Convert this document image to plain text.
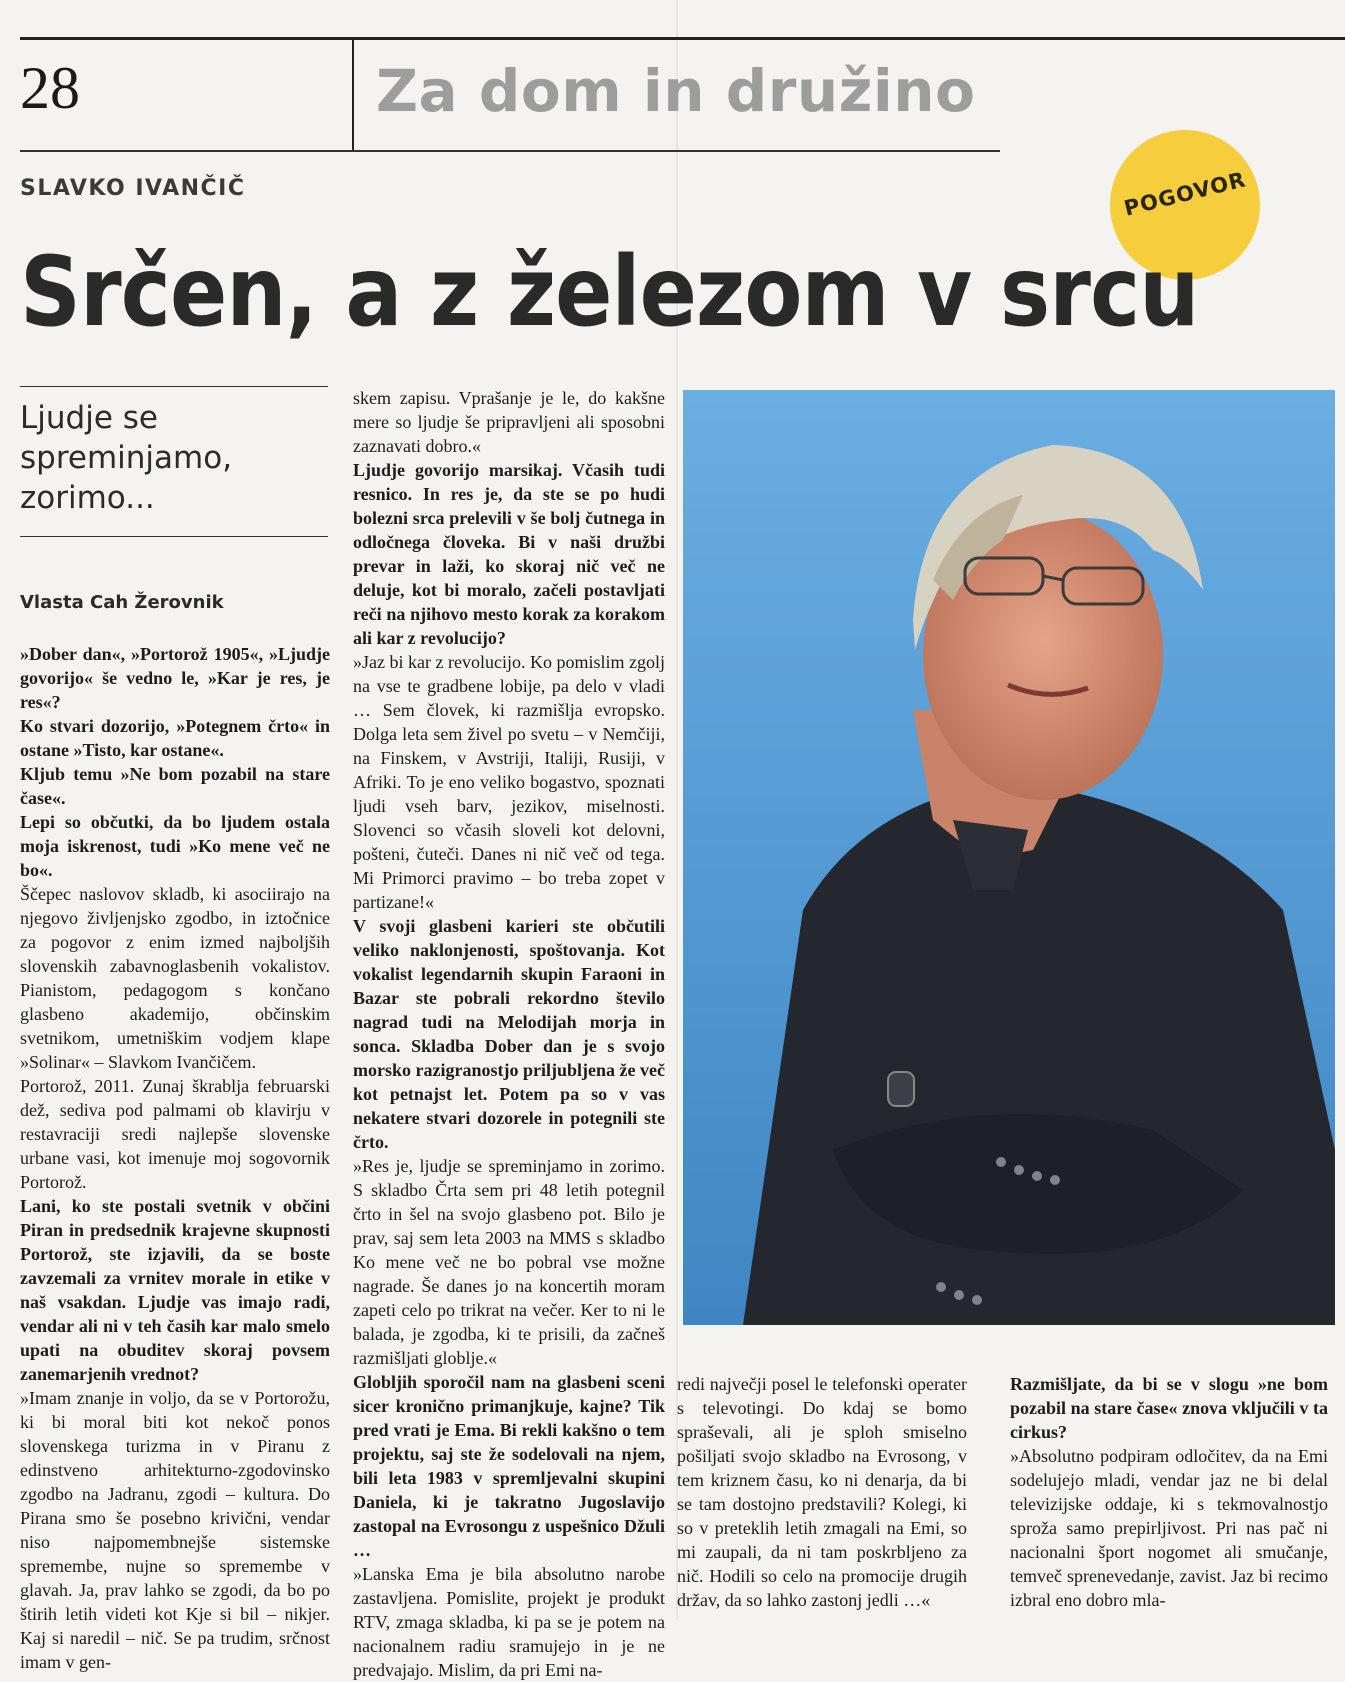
28	Za dom in družino
SLAVKO IVANČIČ	POGOVOR
Srčen, a z železom v srcu
Ljudje se
spreminjamo,
zorimo...
Vlasta Cah Žerovnik

»Dober dan«, »Portorož 1905«, »Ljudje govorijo« še vedno le, »Kar je res, je res«?

Ko stvari dozorijo, »Potegnem črto« in ostane »Tisto, kar ostane«.

Kljub temu »Ne bom pozabil na stare čase«.

Lepi so občutki, da bo ljudem ostala moja iskrenost, tudi »Ko mene več ne bo«.

Ščepec naslovov skladb, ki asociirajo na njegovo življenjsko zgodbo, in iztočnice za pogovor z enim izmed najboljših slovenskih zabavnoglasbenih vokalistov. Pianistom, pedagogom s končano glasbeno akademijo, občinskim svetnikom, umetniškim vodjem klape »Solinar« – Slavkom Ivančičem.

Portorož, 2011. Zunaj škrablja februarski dež, sediva pod palmami ob klavirju v restavraciji sredi najlepše slovenske urbane vasi, kot imenuje moj sogovornik Portorož.

Lani, ko ste postali svetnik v občini Piran in predsednik krajevne skupnosti Portorož, ste izjavili, da se boste zavzemali za vrnitev morale in etike v naš vsakdan. Ljudje vas imajo radi, vendar ali ni v teh časih kar malo smelo upati na obuditev skoraj povsem zanemarjenih vrednot?

»Imam znanje in voljo, da se v Portorožu, ki bi moral biti kot nekoč ponos slovenskega turizma in v Piranu z edinstveno arhitekturno-zgodovinsko zgodbo na Jadranu, zgodi – kultura. Do Pirana smo še posebno krivični, vendar niso najpomembnejše sistemske spremembe, nujne so spremembe v glavah. Ja, prav lahko se zgodi, da bo po štirih letih videti kot Kje si bil – nikjer. Kaj si naredil – nič. Se pa trudim, srčnost imam v gen-

skem zapisu. Vprašanje je le, do kakšne mere so ljudje še pripravljeni ali sposobni zaznavati dobro.«

Ljudje govorijo marsikaj. Včasih tudi resnico. In res je, da ste se po hudi bolezni srca prelevili v še bolj čutnega in odločnega človeka. Bi v naši družbi prevar in laži, ko skoraj nič več ne deluje, kot bi moralo, začeli postavljati reči na njihovo mesto korak za korakom ali kar z revolucijo?

»Jaz bi kar z revolucijo. Ko pomislim zgolj na vse te gradbene lobije, pa delo v vladi … Sem človek, ki razmišlja evropsko. Dolga leta sem živel po svetu – v Nemčiji, na Finskem, v Avstriji, Italiji, Rusiji, v Afriki. To je eno veliko bogastvo, spoznati ljudi vseh barv, jezikov, miselnosti. Slovenci so včasih sloveli kot delovni, pošteni, čuteči. Danes ni nič več od tega. Mi Primorci pravimo – bo treba zopet v partizane!«

V svoji glasbeni karieri ste občutili veliko naklonjenosti, spoštovanja. Kot vokalist legendarnih skupin Faraoni in Bazar ste pobrali rekordno število nagrad tudi na Melodijah morja in sonca. Skladba Dober dan je s svojo morsko razigranostjo priljubljena že več kot petnajst let. Potem pa so v vas nekatere stvari dozorele in potegnili ste črto.

»Res je, ljudje se spreminjamo in zorimo. S skladbo Črta sem pri 48 letih potegnil črto in šel na svojo glasbeno pot. Bilo je prav, saj sem leta 2003 na MMS s skladbo Ko mene več ne bo pobral vse možne nagrade. Še danes jo na koncertih moram zapeti celo po trikrat na večer. Ker to ni le balada, je zgodba, ki te prisili, da začneš razmišljati globlje.«

Globljih sporočil nam na glasbeni sceni sicer kronično primanjkuje, kajne? Tik pred vrati je Ema. Bi rekli kakšno o tem projektu, saj ste že sodelovali na njem, bili leta 1983 v spremljevalni skupini Daniela, ki je takratno Jugoslavijo zastopal na Evrosongu z uspešnico Džuli …

»Lanska Ema je bila absolutno narobe zastavljena. Pomislite, projekt je produkt RTV, zmaga skladba, ki pa se je potem na nacionalnem radiu sramujejo in je ne predvajajo. Mislim, da pri Emi na-

redi največji posel le telefonski operater s televotingi. Do kdaj se bomo spraševali, ali je sploh smiselno pošiljati svojo skladbo na Evrosong, v tem kriznem času, ko ni denarja, da bi se tam dostojno predstavili? Kolegi, ki so v preteklih letih zmagali na Emi, so mi zaupali, da ni tam poskrbljeno za nič. Hodili so celo na promocije drugih držav, da so lahko zastonj jedli …«

Razmišljate, da bi se v slogu »ne bom pozabil na stare čase« znova vključili v ta cirkus?

»Absolutno podpiram odločitev, da na Emi sodelujejo mladi, vendar jaz ne bi delal televizijske oddaje, ki s tekmovalnostjo sproža samo prepirljivost. Pri nas pač ni nacionalni šport nogomet ali smučanje, temveč sprenevedanje, zavist. Jaz bi recimo izbral eno dobro mla-
